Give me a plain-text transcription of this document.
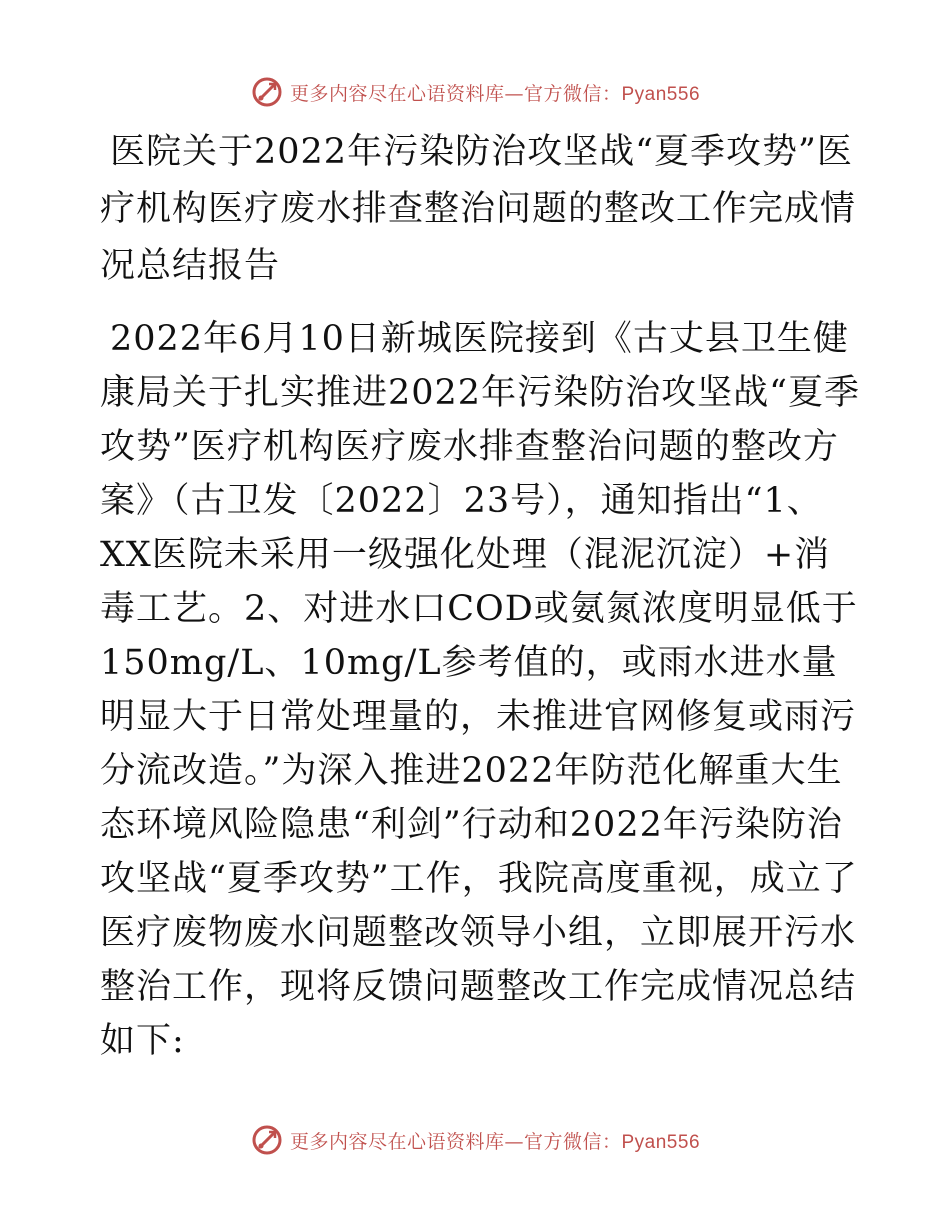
更多内容尽在心语资料库—官方微信：Pyan556
医院关于2022年污染防治攻坚战“夏季攻势”医疗机构医疗废水排查整治问题的整改工作完成情况总结报告

2022年6月10日新城医院接到《古丈县卫生健康局关于扎实推进2022年污染防治攻坚战“夏季攻势”医疗机构医疗废水排查整治问题的整改方案》（古卫发〔2022〕23号），通知指出“1、XX医院未采用一级强化处理（混泥沉淀）+消毒工艺。2、对进水口COD或氨氮浓度明显低于150mg/L、10mg/L参考值的，或雨水进水量明显大于日常处理量的，未推进官网修复或雨污分流改造。”为深入推进2022年防范化解重大生态环境风险隐患“利剑”行动和2022年污染防治攻坚战“夏季攻势”工作，我院高度重视，成立了医疗废物废水问题整改领导小组，立即展开污水整治工作，现将反馈问题整改工作完成情况总结如下:

更多内容尽在心语资料库—官方微信：Pyan556
